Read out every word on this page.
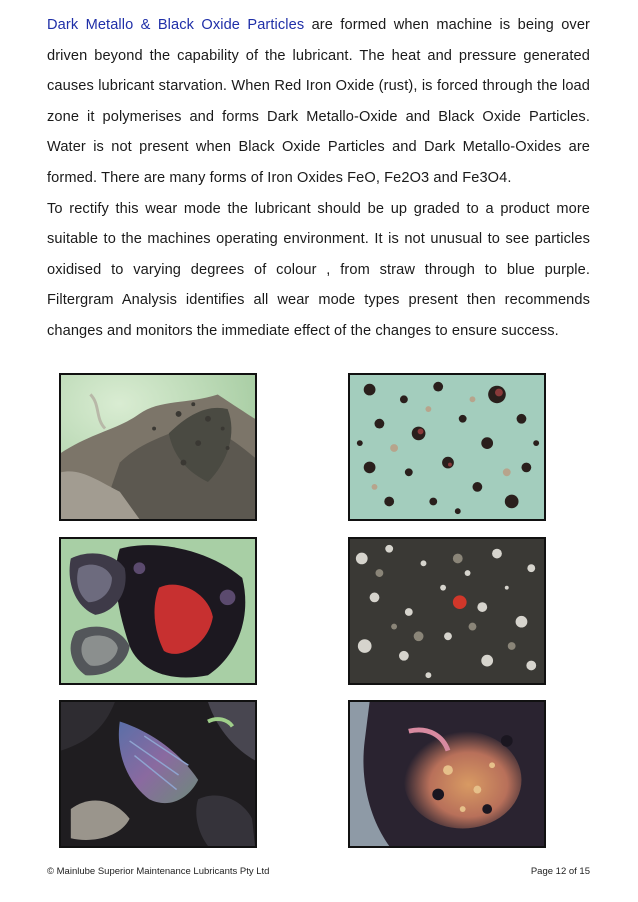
Dark Metallo & Black Oxide Particles are formed when machine is being over driven beyond the capability of the lubricant. The heat and pressure generated causes lubricant starvation. When Red Iron Oxide (rust), is forced through the load zone it polymerises and forms Dark Metallo-Oxide and Black Oxide Particles. Water is not present when Black Oxide Particles and Dark Metallo-Oxides are formed. There are many forms of Iron Oxides FeO, Fe2O3 and Fe3O4.

To rectify this wear mode the lubricant should be up graded to a product more suitable to the machines operating environment. It is not unusual to see particles oxidised to varying degrees of colour , from straw through to blue purple. Filtergram Analysis identifies all wear mode types present then recommends changes and monitors the immediate effect of the changes to ensure success.

© Mainlube Superior Maintenance Lubricants Pty Ltd	Page 12 of 15
